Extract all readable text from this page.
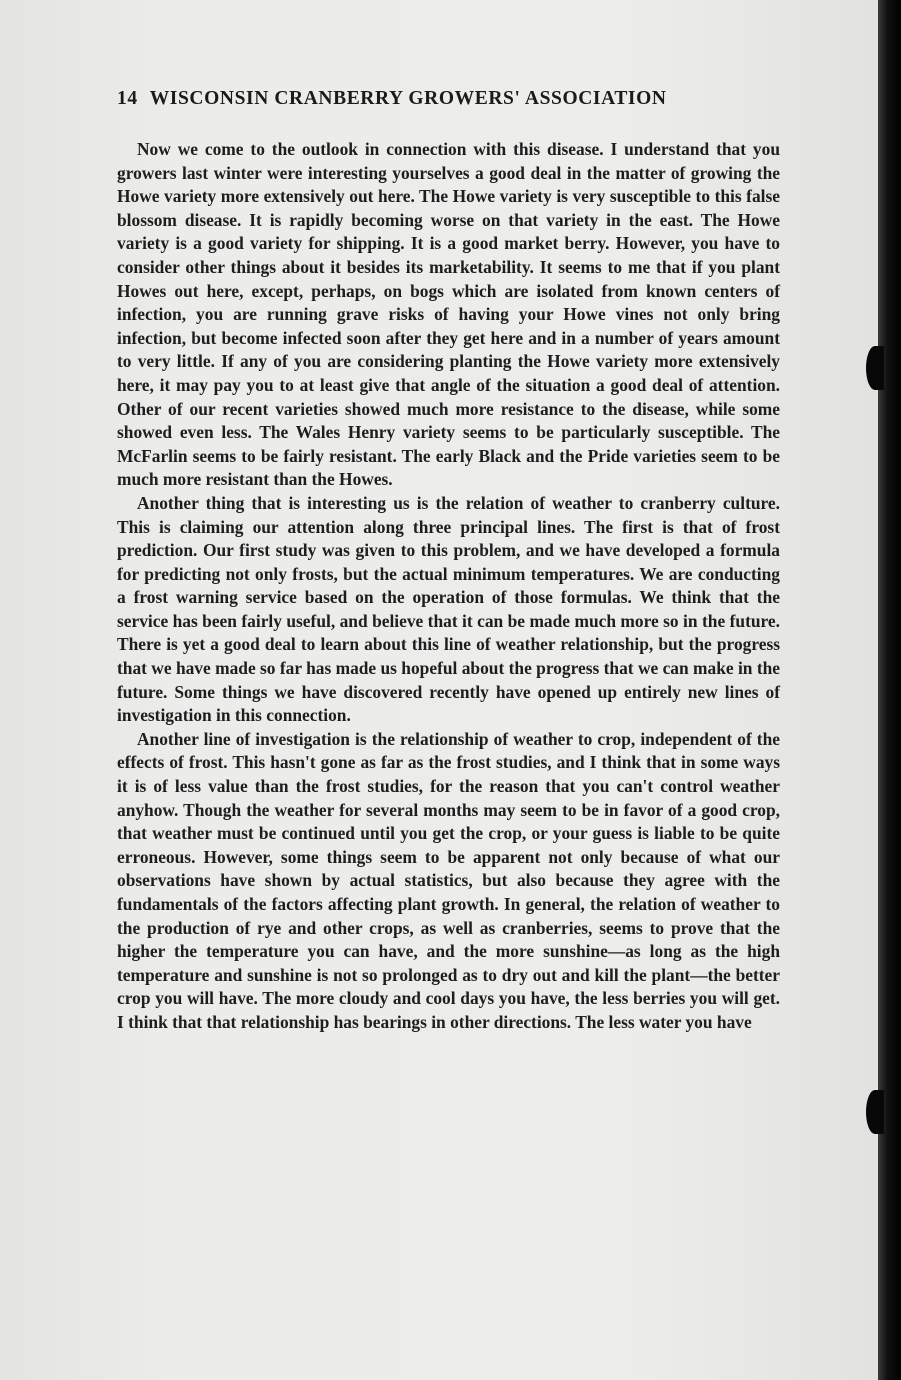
14 WISCONSIN CRANBERRY GROWERS' ASSOCIATION

Now we come to the outlook in connection with this disease. I understand that you growers last winter were interesting yourselves a good deal in the matter of growing the Howe variety more extensively out here. The Howe variety is very susceptible to this false blossom disease. It is rapidly becoming worse on that variety in the east. The Howe variety is a good variety for shipping. It is a good market berry. However, you have to consider other things about it besides its marketability. It seems to me that if you plant Howes out here, except, perhaps, on bogs which are isolated from known centers of infection, you are running grave risks of having your Howe vines not only bring infection, but become infected soon after they get here and in a number of years amount to very little. If any of you are considering planting the Howe variety more extensively here, it may pay you to at least give that angle of the situation a good deal of attention. Other of our recent varieties showed much more resistance to the disease, while some showed even less. The Wales Henry variety seems to be particularly susceptible. The McFarlin seems to be fairly resistant. The early Black and the Pride varieties seem to be much more resistant than the Howes.

Another thing that is interesting us is the relation of weather to cranberry culture. This is claiming our attention along three principal lines. The first is that of frost prediction. Our first study was given to this problem, and we have developed a formula for predicting not only frosts, but the actual minimum temperatures. We are conducting a frost warning service based on the operation of those formulas. We think that the service has been fairly useful, and believe that it can be made much more so in the future. There is yet a good deal to learn about this line of weather relationship, but the progress that we have made so far has made us hopeful about the progress that we can make in the future. Some things we have discovered recently have opened up entirely new lines of investigation in this connection.

Another line of investigation is the relationship of weather to crop, independent of the effects of frost. This hasn't gone as far as the frost studies, and I think that in some ways it is of less value than the frost studies, for the reason that you can't control weather anyhow. Though the weather for several months may seem to be in favor of a good crop, that weather must be continued until you get the crop, or your guess is liable to be quite erroneous. However, some things seem to be apparent not only because of what our observations have shown by actual statistics, but also because they agree with the fundamentals of the factors affecting plant growth. In general, the relation of weather to the production of rye and other crops, as well as cranberries, seems to prove that the higher the temperature you can have, and the more sunshine—as long as the high temperature and sunshine is not so prolonged as to dry out and kill the plant—the better crop you will have. The more cloudy and cool days you have, the less berries you will get. I think that that relationship has bearings in other directions. The less water you have
